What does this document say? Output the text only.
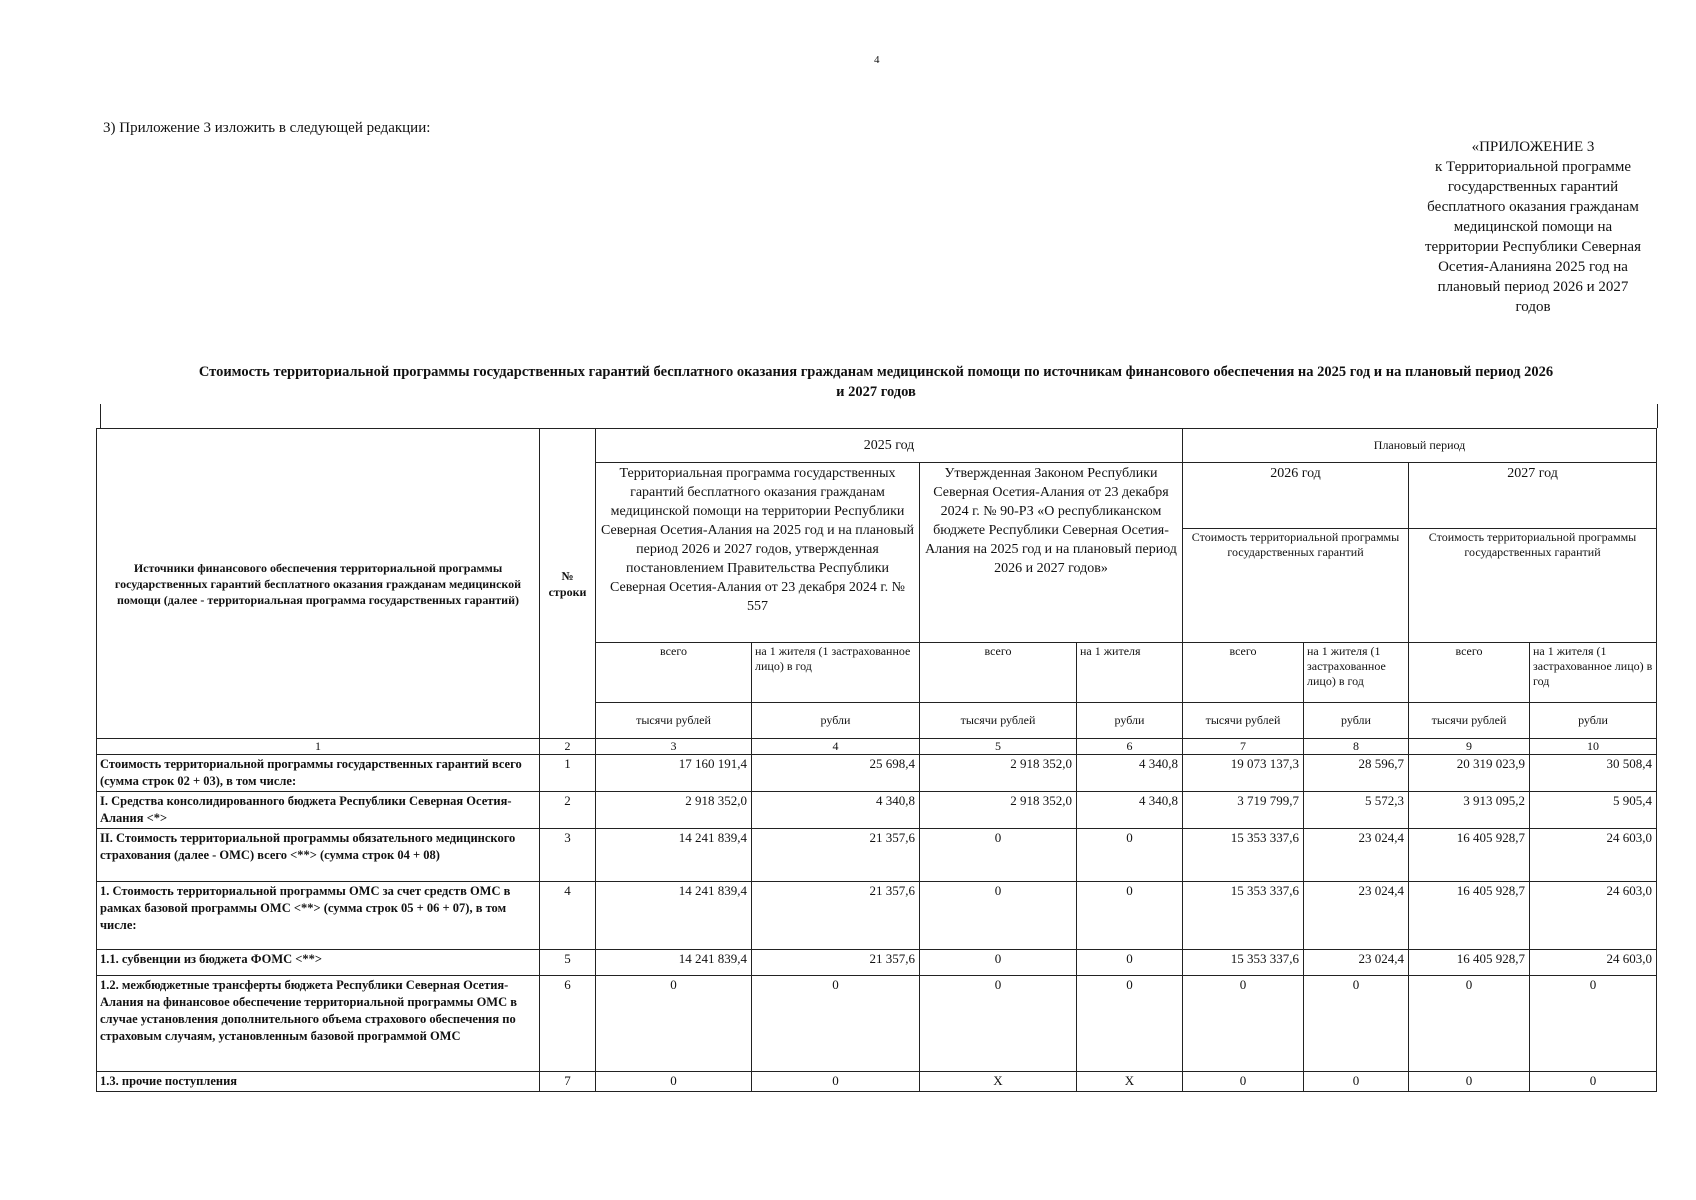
4
3) Приложение 3 изложить в следующей редакции:
«ПРИЛОЖЕНИЕ 3
к Территориальной программе
государственных гарантий
бесплатного оказания гражданам
медицинской помощи на
территории Республики Северная
Осетия-Аланияна 2025 год на
плановый период 2026 и 2027
годов
Стоимость территориальной программы государственных гарантий бесплатного оказания гражданам медицинской помощи по источникам финансового обеспечения на 2025 год и на плановый период 2026
и 2027 годов
Источники финансового обеспечения территориальной программы государственных гарантий бесплатного оказания гражданам медицинской помощи (далее - территориальная программа государственных гарантий)	№ строки	2025 год				Плановый период			
		Территориальная программа государственных гарантий бесплатного оказания гражданам медицинской помощи на территории Республики Северная Осетия-Алания на 2025 год и на плановый период 2026 и 2027 годов, утвержденная постановлением Правительства Республики Северная Осетия-Алания от 23 декабря 2024 г. № 557		Утвержденная Законом Республики Северная Осетия-Алания от 23 декабря 2024 г. № 90-РЗ «О республиканском бюджете Республики Северная Осетия-Алания на 2025 год и на плановый период 2026 и 2027 годов»		2026 год		2027 год	
						Стоимость территориальной программы государственных гарантий		Стоимость территориальной программы государственных гарантий	
		всего	на 1 жителя (1 застрахованное лицо) в год	всего	на 1 жителя	всего	на 1 жителя (1 застрахованное лицо) в год	всего	на 1 жителя (1 застрахованное лицо) в год
		тысячи рублей	рубли	тысячи рублей	рубли	тысячи рублей	рубли	тысячи рублей	рубли
1	2	3	4	5	6	7	8	9	10
Стоимость территориальной программы государственных гарантий всего (сумма строк 02 + 03), в том числе:	1	17 160 191,4	25 698,4	2 918 352,0	4 340,8	19 073 137,3	28 596,7	20 319 023,9	30 508,4
I. Средства консолидированного бюджета Республики Северная Осетия-Алания <*>	2	2 918 352,0	4 340,8	2 918 352,0	4 340,8	3 719 799,7	5 572,3	3 913 095,2	5 905,4
II. Стоимость территориальной программы обязательного медицинского страхования (далее - ОМС) всего <**> (сумма строк 04 + 08)	3	14 241 839,4	21 357,6	0	0	15 353 337,6	23 024,4	16 405 928,7	24 603,0
1. Стоимость территориальной программы ОМС за счет средств ОМС в рамках базовой программы ОМС <**> (сумма строк 05 + 06 + 07), в том числе:	4	14 241 839,4	21 357,6	0	0	15 353 337,6	23 024,4	16 405 928,7	24 603,0
1.1. субвенции из бюджета ФОМС <**>	5	14 241 839,4	21 357,6	0	0	15 353 337,6	23 024,4	16 405 928,7	24 603,0
1.2. межбюджетные трансферты бюджета Республики Северная Осетия-Алания на финансовое обеспечение территориальной программы ОМС в случае установления дополнительного объема страхового обеспечения по страховым случаям, установленным базовой программой ОМС	6	0	0	0	0	0	0	0	0
1.3. прочие поступления	7	0	0	X	X	0	0	0	0
